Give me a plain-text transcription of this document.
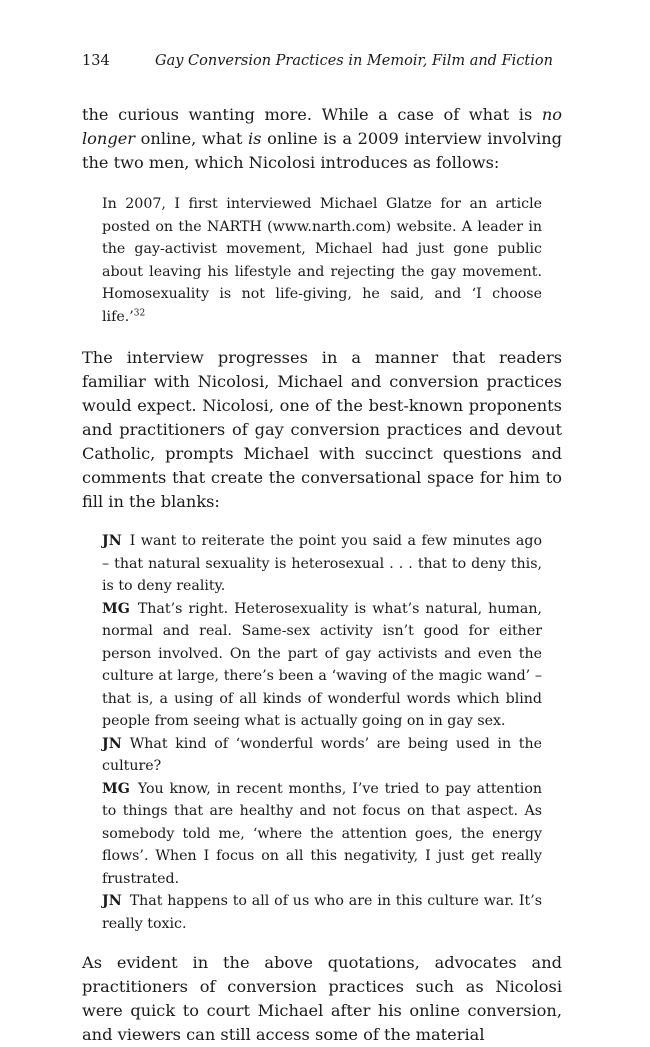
134	Gay Conversion Practices in Memoir, Film and Fiction

the curious wanting more. While a case of what is no longer online, what is online is a 2009 interview involving the two men, which Nicolosi introduces as follows:

In 2007, I first interviewed Michael Glatze for an article posted on the NARTH (www.narth.com) website. A leader in the gay-activist movement, Michael had just gone public about leaving his lifestyle and rejecting the gay movement. Homosexuality is not life-giving, he said, and ‘I choose life.’$^{32}$

The interview progresses in a manner that readers familiar with Nicolosi, Michael and conversion practices would expect. Nicolosi, one of the best-known proponents and practitioners of gay conversion practices and devout Catholic, prompts Michael with succinct questions and comments that create the conversational space for him to fill in the blanks:

JN I want to reiterate the point you said a few minutes ago – that natural sexuality is heterosexual . . . that to deny this, is to deny reality.

MG That’s right. Heterosexuality is what’s natural, human, normal and real. Same-sex activity isn’t good for either person involved. On the part of gay activists and even the culture at large, there’s been a ‘waving of the magic wand’ – that is, a using of all kinds of wonderful words which blind people from seeing what is actually going on in gay sex.

JN What kind of ‘wonderful words’ are being used in the culture?

MG You know, in recent months, I’ve tried to pay attention to things that are healthy and not focus on that aspect. As somebody told me, ‘where the attention goes, the energy flows’. When I focus on all this negativity, I just get really frustrated.

JN That happens to all of us who are in this culture war. It’s really toxic.

As evident in the above quotations, advocates and practitioners of conversion practices such as Nicolosi were quick to court Michael after his online conversion, and viewers can still access some of the material
